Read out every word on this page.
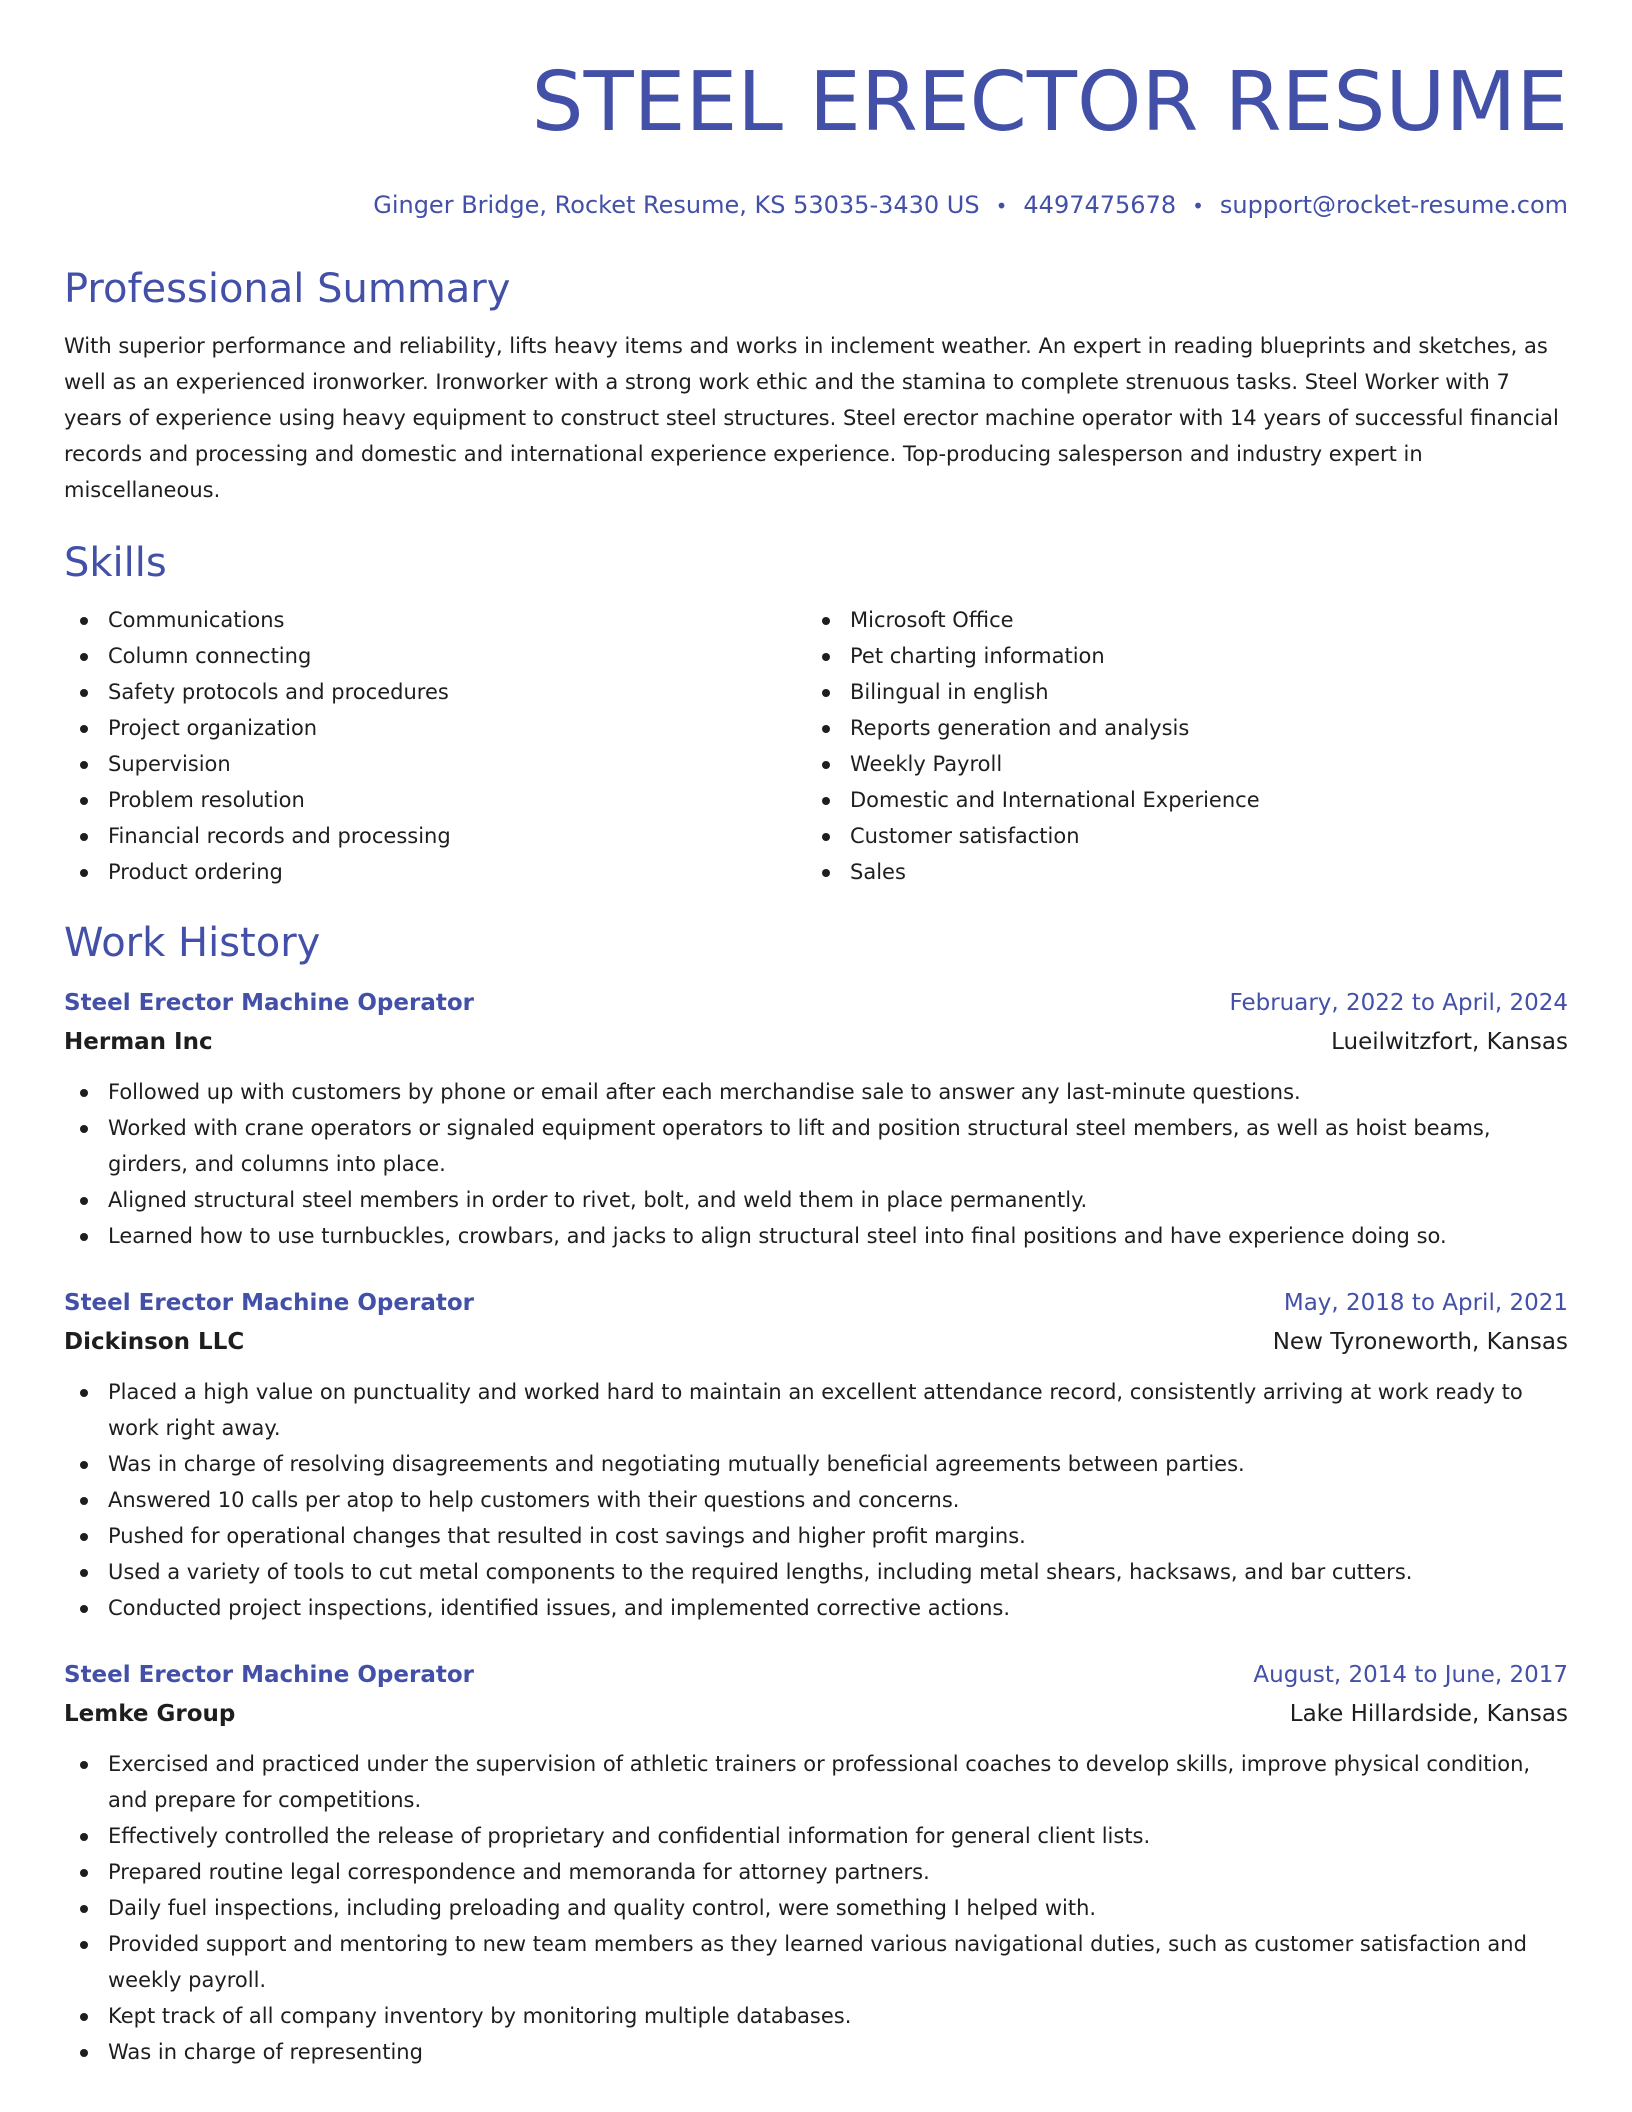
STEEL ERECTOR RESUME
Ginger Bridge, Rocket Resume, KS 53035-3430 US • 4497475678 • support@rocket-resume.com
Professional Summary
With superior performance and reliability, lifts heavy items and works in inclement weather. An expert in reading blueprints and sketches, as well as an experienced ironworker. Ironworker with a strong work ethic and the stamina to complete strenuous tasks. Steel Worker with 7 years of experience using heavy equipment to construct steel structures. Steel erector machine operator with 14 years of successful financial records and processing and domestic and international experience experience. Top-producing salesperson and industry expert in miscellaneous.
Skills
Communications
Column connecting
Safety protocols and procedures
Project organization
Supervision
Problem resolution
Financial records and processing
Product ordering
Microsoft Office
Pet charting information
Bilingual in english
Reports generation and analysis
Weekly Payroll
Domestic and International Experience
Customer satisfaction
Sales
Work History
Steel Erector Machine Operator	February, 2022 to April, 2024
Herman Inc	Lueilwitzfort, Kansas
Followed up with customers by phone or email after each merchandise sale to answer any last-minute questions.
Worked with crane operators or signaled equipment operators to lift and position structural steel members, as well as hoist beams, girders, and columns into place.
Aligned structural steel members in order to rivet, bolt, and weld them in place permanently.
Learned how to use turnbuckles, crowbars, and jacks to align structural steel into final positions and have experience doing so.
Steel Erector Machine Operator	May, 2018 to April, 2021
Dickinson LLC	New Tyroneworth, Kansas
Placed a high value on punctuality and worked hard to maintain an excellent attendance record, consistently arriving at work ready to work right away.
Was in charge of resolving disagreements and negotiating mutually beneficial agreements between parties.
Answered 10 calls per atop to help customers with their questions and concerns.
Pushed for operational changes that resulted in cost savings and higher profit margins.
Used a variety of tools to cut metal components to the required lengths, including metal shears, hacksaws, and bar cutters.
Conducted project inspections, identified issues, and implemented corrective actions.
Steel Erector Machine Operator	August, 2014 to June, 2017
Lemke Group	Lake Hillardside, Kansas
Exercised and practiced under the supervision of athletic trainers or professional coaches to develop skills, improve physical condition, and prepare for competitions.
Effectively controlled the release of proprietary and confidential information for general client lists.
Prepared routine legal correspondence and memoranda for attorney partners.
Daily fuel inspections, including preloading and quality control, were something I helped with.
Provided support and mentoring to new team members as they learned various navigational duties, such as customer satisfaction and weekly payroll.
Kept track of all company inventory by monitoring multiple databases.
Was in charge of representing
